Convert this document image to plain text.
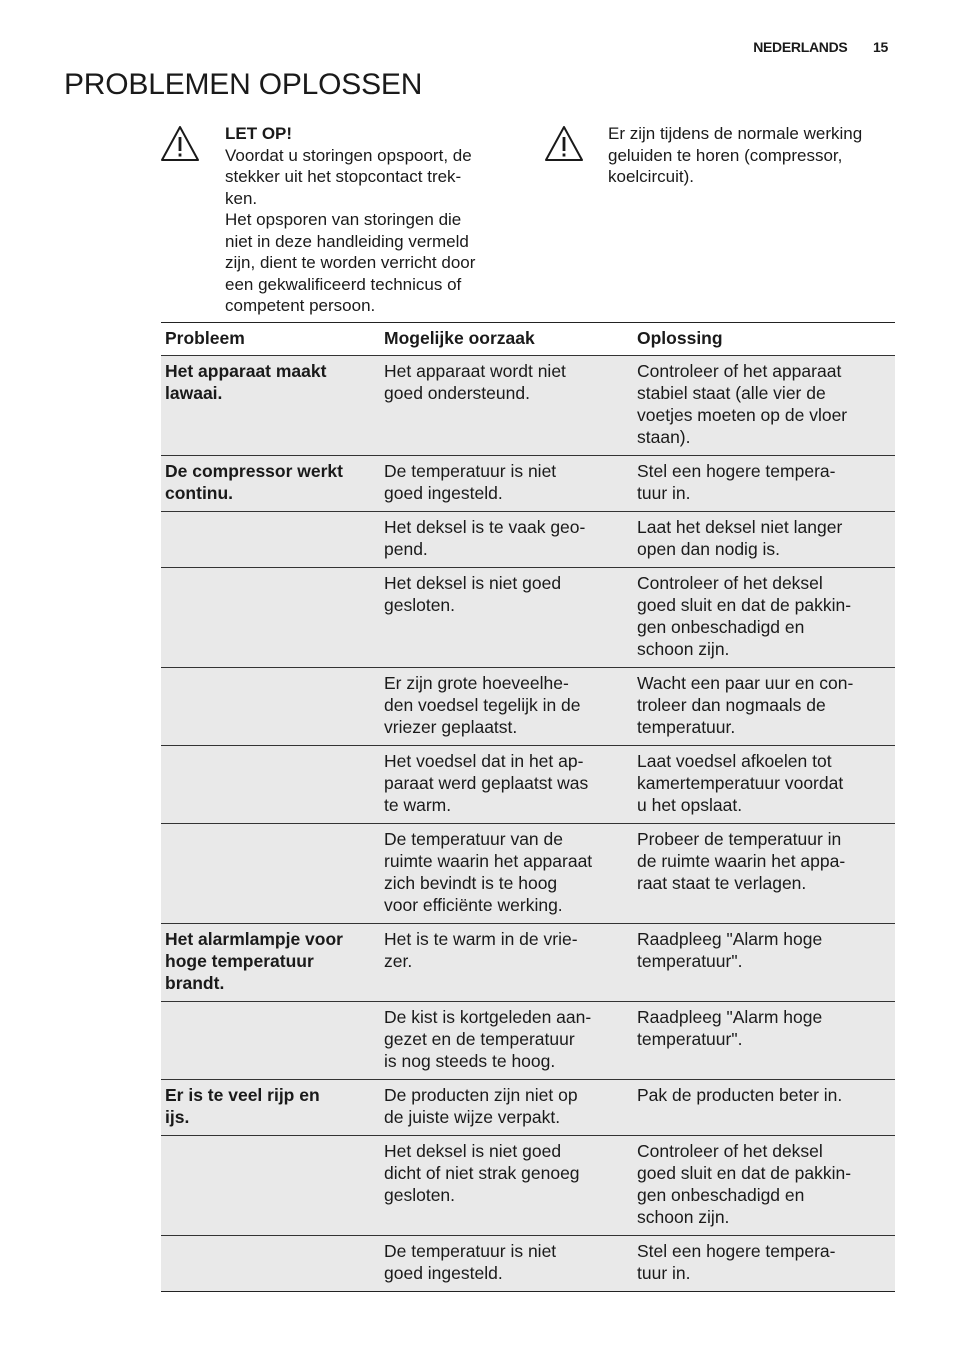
NEDERLANDS 15
PROBLEMEN OPLOSSEN

LET OP!

Voordat u storingen opspoort, de
stekker uit het stopcontact trek-
ken.
Het opsporen van storingen die
niet in deze handleiding vermeld
zijn, dient te worden verricht door
een gekwalificeerd technicus of
competent persoon.
Er zijn tijdens de normale werking
geluiden te horen (compressor,
koelcircuit).
Probleem	Mogelijke oorzaak	Oplossing
Het apparaat maakt
lawaai.
Het apparaat wordt niet
goed ondersteund.
Controleer of het apparaat
stabiel staat (alle vier de
voetjes moeten op de vloer
staan).
De compressor werkt
continu.
De temperatuur is niet
goed ingesteld.
Stel een hogere tempera-
tuur in.
Het deksel is te vaak geo-
pend.
Laat het deksel niet langer
open dan nodig is.
Het deksel is niet goed
gesloten.
Controleer of het deksel
goed sluit en dat de pakkin-
gen onbeschadigd en
schoon zijn.
Er zijn grote hoeveelhe-
den voedsel tegelijk in de
vriezer geplaatst.
Wacht een paar uur en con-
troleer dan nogmaals de
temperatuur.
Het voedsel dat in het ap-
paraat werd geplaatst was
te warm.
Laat voedsel afkoelen tot
kamertemperatuur voordat
u het opslaat.
De temperatuur van de
ruimte waarin het apparaat
zich bevindt is te hoog
voor efficiënte werking.
Probeer de temperatuur in
de ruimte waarin het appa-
raat staat te verlagen.
Het alarmlampje voor
hoge temperatuur
brandt.
Het is te warm in de vrie-
zer.
Raadpleeg "Alarm hoge
temperatuur".
De kist is kortgeleden aan-
gezet en de temperatuur
is nog steeds te hoog.
Raadpleeg "Alarm hoge
temperatuur".
Er is te veel rijp en
ijs.
De producten zijn niet op
de juiste wijze verpakt.
Pak de producten beter in.
Het deksel is niet goed
dicht of niet strak genoeg
gesloten.
Controleer of het deksel
goed sluit en dat de pakkin-
gen onbeschadigd en
schoon zijn.
De temperatuur is niet
goed ingesteld.
Stel een hogere tempera-
tuur in.
